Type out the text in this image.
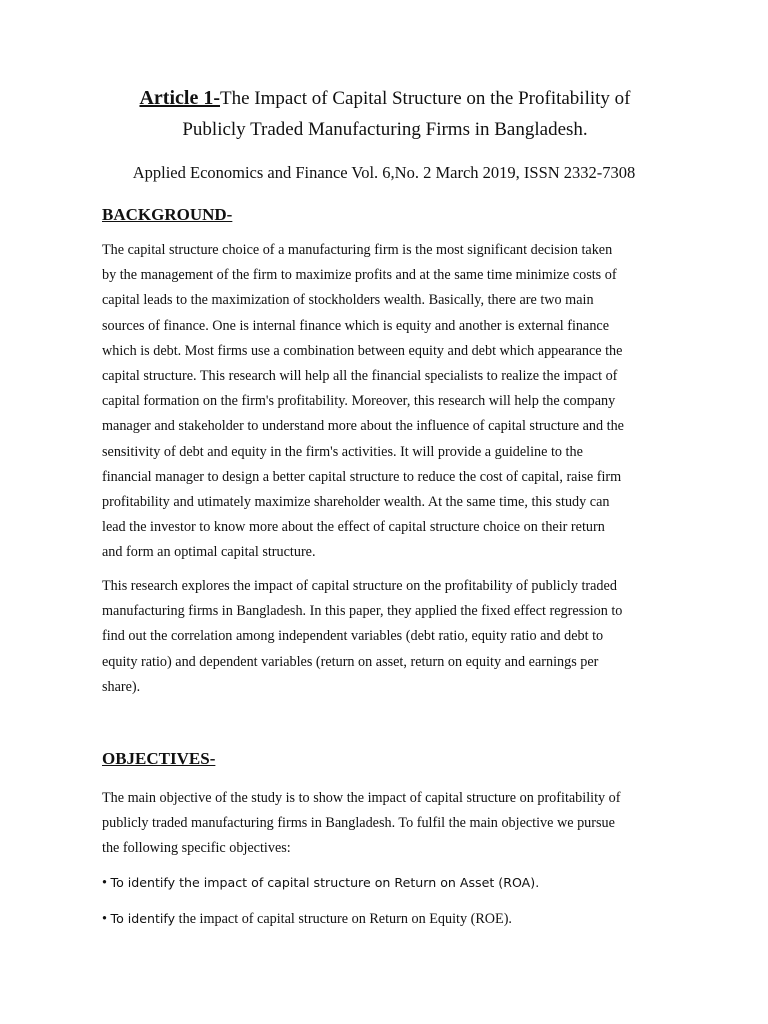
Article 1-The Impact of Capital Structure on the Profitability of
Publicly Traded Manufacturing Firms in Bangladesh.

Applied Economics and Finance Vol. 6,No. 2 March 2019, ISSN 2332-7308

BACKGROUND-

The capital structure choice of a manufacturing firm is the most significant decision taken
by the management of the firm to maximize profits and at the same time minimize costs of
capital leads to the maximization of stockholders wealth. Basically, there are two main
sources of finance. One is internal finance which is equity and another is external finance
which is debt. Most firms use a combination between equity and debt which appearance the
capital structure. This research will help all the financial specialists to realize the impact of
capital formation on the firm's profitability. Moreover, this research will help the company
manager and stakeholder to understand more about the influence of capital structure and the
sensitivity of debt and equity in the firm's activities. It will provide a guideline to the
financial manager to design a better capital structure to reduce the cost of capital, raise firm
profitability and utimately maximize shareholder wealth. At the same time, this study can
lead the investor to know more about the effect of capital structure choice on their return
and form an optimal capital structure.

This research explores the impact of capital structure on the profitability of publicly traded
manufacturing firms in Bangladesh. In this paper, they applied the fixed effect regression to
find out the correlation among independent variables (debt ratio, equity ratio and debt to
equity ratio) and dependent variables (return on asset, return on equity and earnings per
share).

OBJECTIVES-

The main objective of the study is to show the impact of capital structure on profitability of
publicly traded manufacturing firms in Bangladesh. To fulfil the main objective we pursue
the following specific objectives:

• To identify the impact of capital structure on Return on Asset (ROA).

• To identify the impact of capital structure on Return on Equity (ROE).
